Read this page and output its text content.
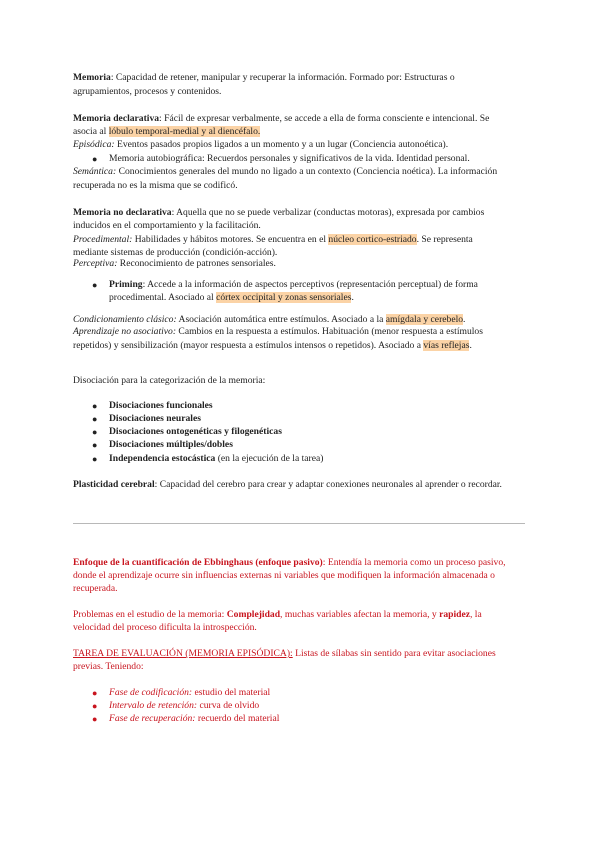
Memoria: Capacidad de retener, manipular y recuperar la información. Formado por: Estructuras o
agrupamientos, procesos y contenidos.
Memoria declarativa: Fácil de expresar verbalmente, se accede a ella de forma consciente e intencional. Se
asocia al lóbulo temporal-medial y al diencéfalo.
Episódica: Eventos pasados propios ligados a un momento y a un lugar (Conciencia autonoética).
● Memoria autobiográfica: Recuerdos personales y significativos de la vida. Identidad personal.
Semántica: Conocimientos generales del mundo no ligado a un contexto (Conciencia noética). La información
recuperada no es la misma que se codificó.
Memoria no declarativa: Aquella que no se puede verbalizar (conductas motoras), expresada por cambios
inducidos en el comportamiento y la facilitación.
Procedimental: Habilidades y hábitos motores. Se encuentra en el núcleo cortico-estriado. Se representa
mediante sistemas de producción (condición-acción).
Perceptiva: Reconocimiento de patrones sensoriales.
● Priming: Accede a la información de aspectos perceptivos (representación perceptual) de forma
procedimental. Asociado al córtex occipital y zonas sensoriales.
Condicionamiento clásico: Asociación automática entre estímulos. Asociado a la amígdala y cerebelo.
Aprendizaje no asociativo: Cambios en la respuesta a estímulos. Habituación (menor respuesta a estímulos
repetidos) y sensibilización (mayor respuesta a estímulos intensos o repetidos). Asociado a vías reflejas.
Disociación para la categorización de la memoria:
● Disociaciones funcionales
● Disociaciones neurales
● Disociaciones ontogenéticas y filogenéticas
● Disociaciones múltiples/dobles
● Independencia estocástica (en la ejecución de la tarea)
Plasticidad cerebral: Capacidad del cerebro para crear y adaptar conexiones neuronales al aprender o recordar.
Enfoque de la cuantificación de Ebbinghaus (enfoque pasivo): Entendía la memoria como un proceso pasivo,
donde el aprendizaje ocurre sin influencias externas ni variables que modifiquen la información almacenada o
recuperada.
Problemas en el estudio de la memoria: Complejidad, muchas variables afectan la memoria, y rapidez, la
velocidad del proceso dificulta la introspección.
TAREA DE EVALUACIÓN (MEMORIA EPISÓDICA): Listas de sílabas sin sentido para evitar asociaciones
previas. Teniendo:
● Fase de codificación: estudio del material
● Intervalo de retención: curva de olvido
● Fase de recuperación: recuerdo del material
